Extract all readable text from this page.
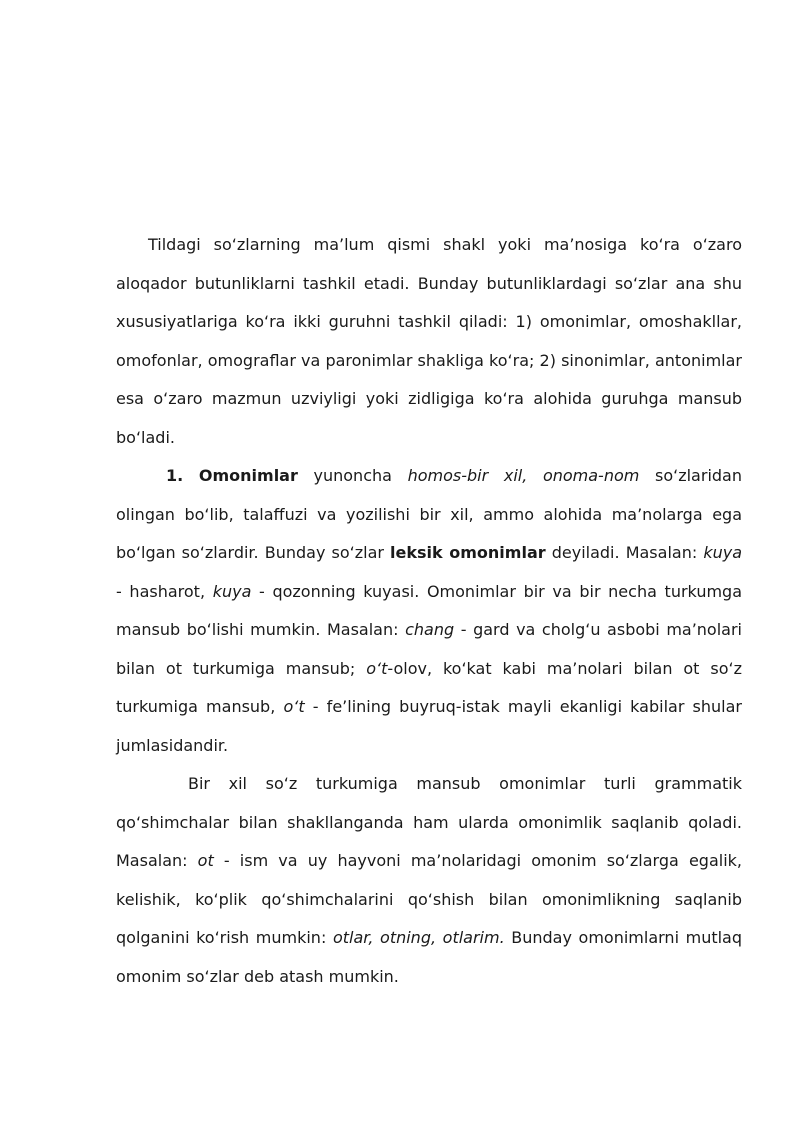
Tildagi so‘zlarning ma’lum qismi shakl yoki ma’nosiga ko‘ra o‘zaro aloqador butunliklarni tashkil etadi. Bunday butunliklardagi so‘zlar ana shu xususiyatlariga ko‘ra ikki guruhni tashkil qiladi: 1) omonimlar, omoshakllar, omofonlar, omograflar va paronimlar shakliga ko‘ra; 2) sinonimlar, antonimlar esa o‘zaro mazmun uzviyligi yoki zidligiga ko‘ra alohida guruhga mansub bo‘ladi.

1. Omonimlar yunoncha homos-bir xil, onoma-nom so‘zlaridan olingan bo‘lib, talaffuzi va yozilishi bir xil, ammo alohida ma’nolarga ega bo‘lgan so‘zlardir. Bunday so‘zlar leksik omonimlar deyiladi. Masalan: kuya - hasharot, kuya - qozonning kuyasi. Omonimlar bir va bir necha turkumga mansub bo‘lishi mumkin. Masalan: chang - gard va cholg‘u asbobi ma’nolari bilan ot turkumiga mansub; o‘t-olov, ko‘kat kabi ma’nolari bilan ot so‘z turkumiga mansub, o‘t - fe’lining buyruq-istak mayli ekanligi kabilar shular jumlasidandir.

Bir xil so‘z turkumiga mansub omonimlar turli grammatik qo‘shimchalar bilan shakllanganda ham ularda omonimlik saqlanib qoladi. Masalan: ot - ism va uy hayvoni ma’nolaridagi omonim so‘zlarga egalik, kelishik, ko‘plik qo‘shimchalarini qo‘shish bilan omonimlikning saqlanib qolganini ko‘rish mumkin: otlar, otning, otlarim. Bunday omonimlarni mutlaq omonim so‘zlar deb atash mumkin.
